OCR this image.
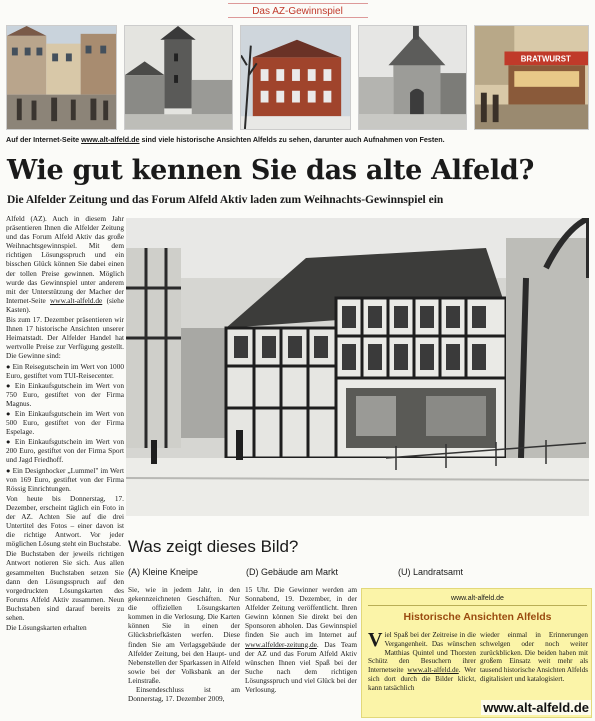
Das AZ-Gewinnspiel
BRATWURST
Auf der Internet-Seite www.alt-alfeld.de sind viele historische Ansichten Alfelds zu sehen, darunter auch Aufnahmen von Festen.
Wie gut kennen Sie das alte Alfeld?
Die Alfelder Zeitung und das Forum Alfeld Aktiv laden zum Weihnachts-Gewinnspiel ein

Alfeld (AZ). Auch in diesem Jahr präsentieren Ihnen die Alfelder Zeitung und das Forum Alfeld Aktiv das große Weihnachtsgewinnspiel. Mit dem richtigen Lösungsspruch und ein bisschen Glück können Sie dabei einen der tollen Preise gewinnen. Möglich wurde das Gewinnspiel unter anderem mit der Unterstützung der Macher der Internet-Seite www.alt-alfeld.de (siehe Kasten).

Bis zum 17. Dezember präsentieren wir Ihnen 17 historische Ansichten unserer Heimatstadt. Der Alfelder Handel hat wertvolle Preise zur Verfügung gestellt. Die Gewinne sind:

● Ein Reisegutschein im Wert von 1000 Euro, gestiftet vom TUI-Reisecenter.

● Ein Einkaufsgutschein im Wert von 750 Euro, gestiftet von der Firma Magnus.

● Ein Einkaufsgutschein im Wert von 500 Euro, gestiftet von der Firma Espelage.

● Ein Einkaufsgutschein im Wert von 200 Euro, gestiftet von der Firma Sport und Jagd Friedhoff.

● Ein Designhocker „Lummel" im Wert von 169 Euro, gestiftet von der Firma Rössig Einrichtungen.

Von heute bis Donnerstag, 17. Dezember, erscheint täglich ein Foto in der AZ. Achten Sie auf die drei Untertitel des Fotos – einer davon ist die richtige Antwort. Vor jeder möglichen Lösung steht ein Buchstabe.

Die Buchstaben der jeweils richtigen Antwort notieren Sie sich. Aus allen gesammelten Buchstaben setzen Sie dann den Lösungsspruch auf den vorgedruckten Lösungskarten des Forums Alfeld Aktiv zusammen. Neun Buchstaben sind darauf bereits zu sehen.

Die Lösungskarten erhalten

Was zeigt dieses Bild?
(A) Kleine Kneipe	(D) Gebäude am Markt	(U) Landratsamt
Sie, wie in jedem Jahr, in den gekennzeichneten Geschäften. Nur die offiziellen Lösungskarten kommen in die Verlosung. Die Karten können Sie in einen der Glücksbriefkästen werfen. Diese finden Sie am Verlagsgebäude der Alfelder Zeitung, bei den Haupt- und Nebenstellen der Sparkassen in Alfeld sowie bei der Volksbank an der Leinstraße.
Einsendeschluss ist am Donnerstag, 17. Dezember 2009,
15 Uhr. Die Gewinner werden am Sonnabend, 19. Dezember, in der Alfelder Zeitung veröffentlicht. Ihren Gewinn können Sie direkt bei den Sponsoren abholen. Das Gewinnspiel finden Sie auch im Internet auf www.alfelder-zeitung.de. Das Team der AZ und das Forum Alfeld Aktiv wünschen Ihnen viel Spaß bei der Suche nach dem richtigen Lösungsspruch und viel Glück bei der Verlosung.
www.alt-alfeld.de
Historische Ansichten Alfelds
Viel Spaß bei der Zeitreise in die Vergangenheit. Das wünschen Matthias Quintel und Thorsten Schütz den Besuchern ihrer Internetseite www.alt-alfeld.de. Wer sich dort durch die Bilder klickt, kann tatsächlich
wieder einmal in Erinnerungen schwelgen oder noch weiter zurückblicken. Die beiden haben mit großem Einsatz weit mehr als tausend historische Ansichten Alfelds digitalisiert und katalogisiert.
www.alt-alfeld.de
